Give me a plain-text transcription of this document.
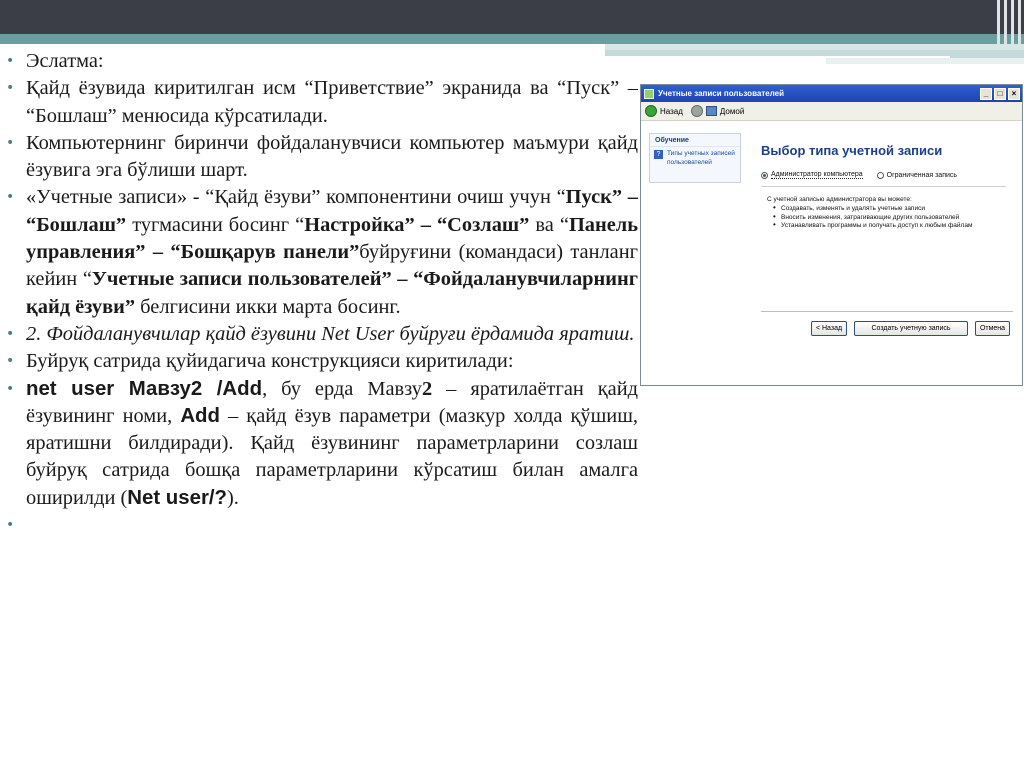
• Эслатма:
• Қайд ёзувида киритилган исм “Приветствие” экранида ва “Пуск” – “Бошлаш” менюсида кўрсатилади.
• Компьютернинг биринчи фойдаланувчиси компьютер маъмури қайд ёзувига эга бўлиши шарт.
• «Учетные записи» - “Қайд ёзуви” компонентини очиш учун “Пуск” – “Бошлаш” тугмасини босинг “Настройка” – “Созлаш” ва “Панель управления” – “Бошқарув панели”буйруғини (командаси) танланг кейин “Учетные записи пользователей” – “Фойдаланувчиларнинг қайд ёзуви” белгисини икки марта босинг.
• 2. Фойдаланувчилар қайд ёзувини Net User буйруғи ёрдамида яратиш.
• Буйруқ сатрида қуйидагича конструкцияси киритилади:
• net user Мавзу2 /Add, бу ерда Мавзу2 – яратилаётган қайд ёзувининг номи, Add – қайд ёзув параметри (мазкур холда қўшиш, яратишни билдиради). Қайд ёзувининг параметрларини созлаш буйруқ сатрида бошқа параметрларини кўрсатиш билан амалга оширилди (Net user/?).
•
Учетные записи пользователей	_	□	×
Назад	Домой
Обучение
?	Типы учетных записей пользователей
Выбор типа учетной записи
Администратор компьютера	Ограниченная запись
С учетной записью администратора вы можете:
• Создавать, изменять и удалять учетные записи
• Вносить изменения, затрагивающие других пользователей
• Устанавливать программы и получать доступ к любым файлам
< Назад	Создать учетную запись	Отмена
